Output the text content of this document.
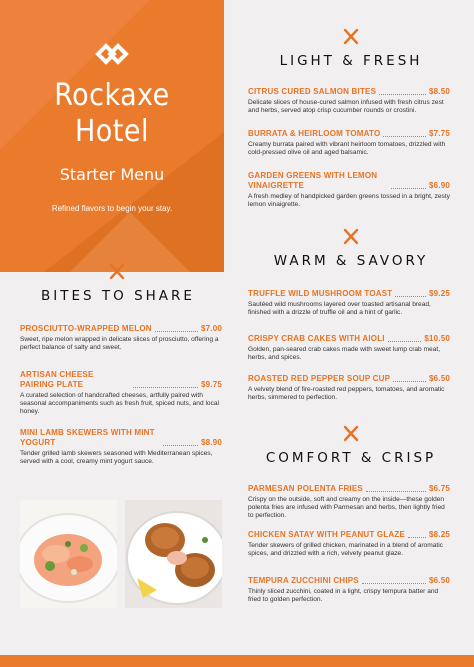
Rockaxe
Hotel
Starter Menu
Refined flavors to begin your stay.
LIGHT & FRESH
CITRUS CURED SALMON BITES	$8.50
Delicate slices of house-cured salmon infused with fresh citrus zest and herbs, served atop crisp cucumber rounds or crostini.
BURRATA & HEIRLOOM TOMATO	$7.75
Creamy burrata paired with vibrant heirloom tomatoes, drizzled with cold-pressed olive oil and aged balsamic.
GARDEN GREENS WITH LEMON VINAIGRETTE	$6.90
A fresh medley of handpicked garden greens tossed in a bright, zesty lemon vinaigrette.
WARM & SAVORY
TRUFFLE WILD MUSHROOM TOAST	$9.25
Sautéed wild mushrooms layered over toasted artisanal bread, finished with a drizzle of truffle oil and a hint of garlic.
CRISPY CRAB CAKES WITH AIOLI	$10.50
Golden, pan-seared crab cakes made with sweet lump crab meat, herbs, and spices.
ROASTED RED PEPPER SOUP CUP	$6.50
A velvety blend of fire-roasted red peppers, tomatoes, and aromatic herbs, simmered to perfection.
COMFORT & CRISP
PARMESAN POLENTA FRIES	$6.75
Crispy on the outside, soft and creamy on the inside—these golden polenta fries are infused with Parmesan and herbs, then lightly fried to perfection.
CHICKEN SATAY WITH PEANUT GLAZE	$8.25
Tender skewers of grilled chicken, marinated in a blend of aromatic spices, and drizzled with a rich, velvety peanut glaze.
TEMPURA ZUCCHINI CHIPS	$6.50
Thinly sliced zucchini, coated in a light, crispy tempura batter and fried to golden perfection.
BITES TO SHARE
PROSCIUTTO-WRAPPED MELON	$7.00
Sweet, ripe melon wrapped in delicate slices of prosciutto, offering a perfect balance of salty and sweet.
ARTISAN CHEESE PAIRING PLATE	$9.75
A curated selection of handcrafted cheeses, artfully paired with seasonal accompaniments such as fresh fruit, spiced nuts, and local honey.
MINI LAMB SKEWERS WITH MINT YOGURT	$8.90
Tender grilled lamb skewers seasoned with Mediterranean spices, served with a cool, creamy mint yogurt sauce.
